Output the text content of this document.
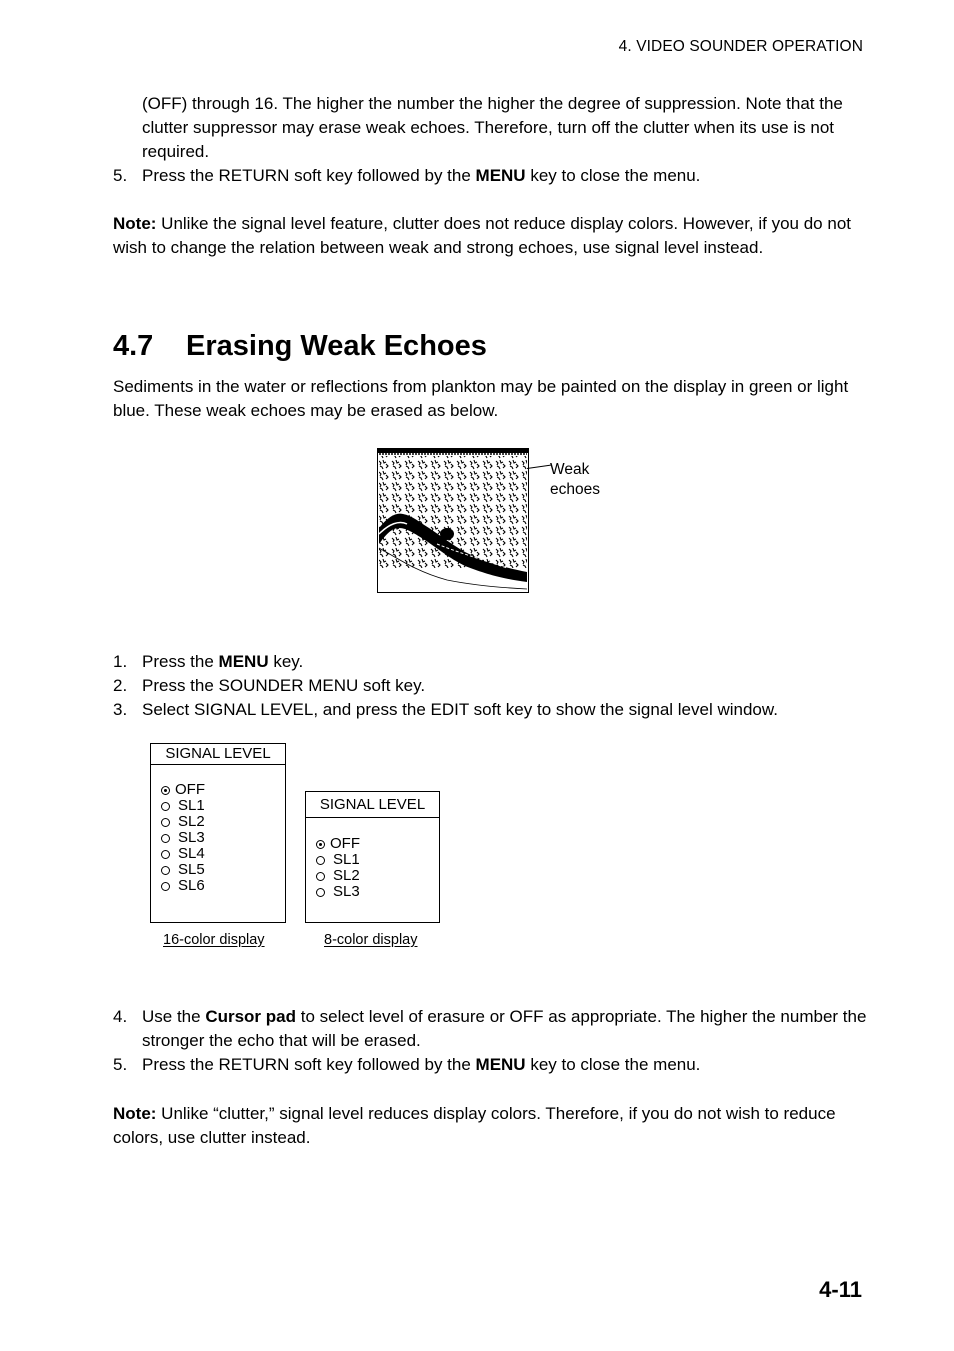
4. VIDEO SOUNDER OPERATION
(OFF) through 16. The higher the number the higher the degree of suppression. Note that the clutter suppressor may erase weak echoes. Therefore, turn off the clutter when its use is not required.
5. Press the RETURN soft key followed by the MENU key to close the menu.
Note: Unlike the signal level feature, clutter does not reduce display colors. However, if you do not wish to change the relation between weak and strong echoes, use signal level instead.
4.7 Erasing Weak Echoes
Sediments in the water or reflections from plankton may be painted on the display in green or light blue. These weak echoes may be erased as below.
Weak
echoes
1. Press the MENU key.
2. Press the SOUNDER MENU soft key.
3. Select SIGNAL LEVEL, and press the EDIT soft key to show the signal level window.
SIGNAL LEVEL
OFF
SL1
SL2
SL3
SL4
SL5
SL6
16-color display
SIGNAL LEVEL
OFF
SL1
SL2
SL3
8-color display
4. Use the Cursor pad to select level of erasure or OFF as appropriate. The higher the number the stronger the echo that will be erased.
5. Press the RETURN soft key followed by the MENU key to close the menu.
Note: Unlike “clutter,” signal level reduces display colors. Therefore, if you do not wish to reduce colors, use clutter instead.
4-11
